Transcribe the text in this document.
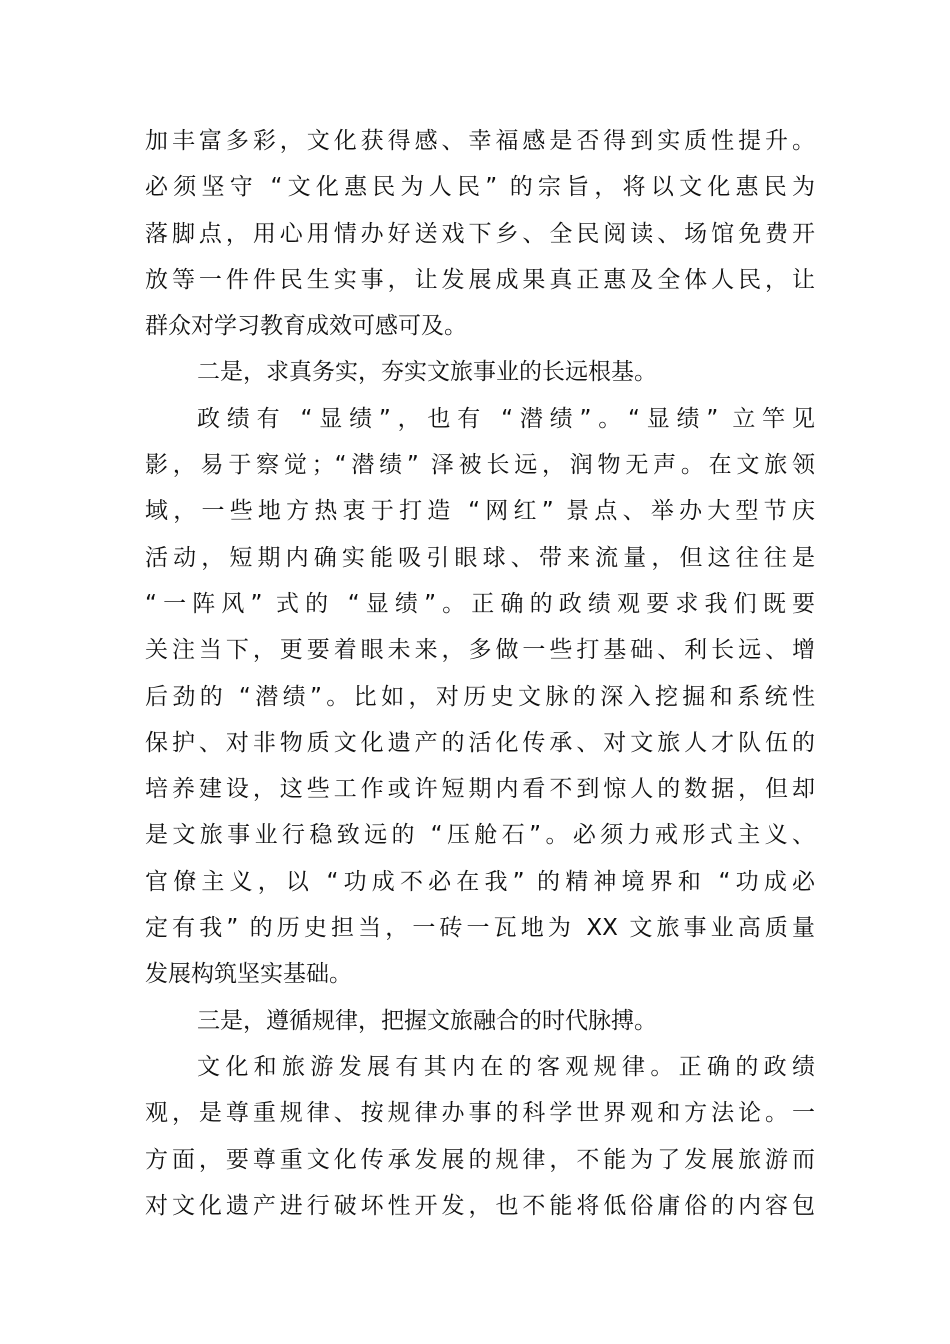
加丰富多彩，文化获得感、幸福感是否得到实质性提升。
必须坚守 “文化惠民为人民” 的宗旨，将以文化惠民为
落脚点，用心用情办好送戏下乡、全民阅读、场馆免费开
放等一件件民生实事，让发展成果真正惠及全体人民，让
群众对学习教育成效可感可及。
二是，求真务实，夯实文旅事业的长远根基。
政绩有 “显绩”，也有 “潜绩”。“显绩” 立竿见
影，易于察觉；“潜绩” 泽被长远，润物无声。在文旅领
域，一些地方热衷于打造 “网红” 景点、举办大型节庆
活动，短期内确实能吸引眼球、带来流量，但这往往是
“一阵风” 式的 “显绩”。正确的政绩观要求我们既要
关注当下，更要着眼未来，多做一些打基础、利长远、增
后劲的 “潜绩”。比如，对历史文脉的深入挖掘和系统性
保护、对非物质文化遗产的活化传承、对文旅人才队伍的
培养建设，这些工作或许短期内看不到惊人的数据，但却
是文旅事业行稳致远的 “压舱石”。必须力戒形式主义、
官僚主义，以 “功成不必在我” 的精神境界和 “功成必
定有我” 的历史担当，一砖一瓦地为 XX 文旅事业高质量
发展构筑坚实基础。
三是，遵循规律，把握文旅融合的时代脉搏。
文化和旅游发展有其内在的客观规律。正确的政绩
观，是尊重规律、按规律办事的科学世界观和方法论。一
方面，要尊重文化传承发展的规律，不能为了发展旅游而
对文化遗产进行破坏性开发，也不能将低俗庸俗的内容包
